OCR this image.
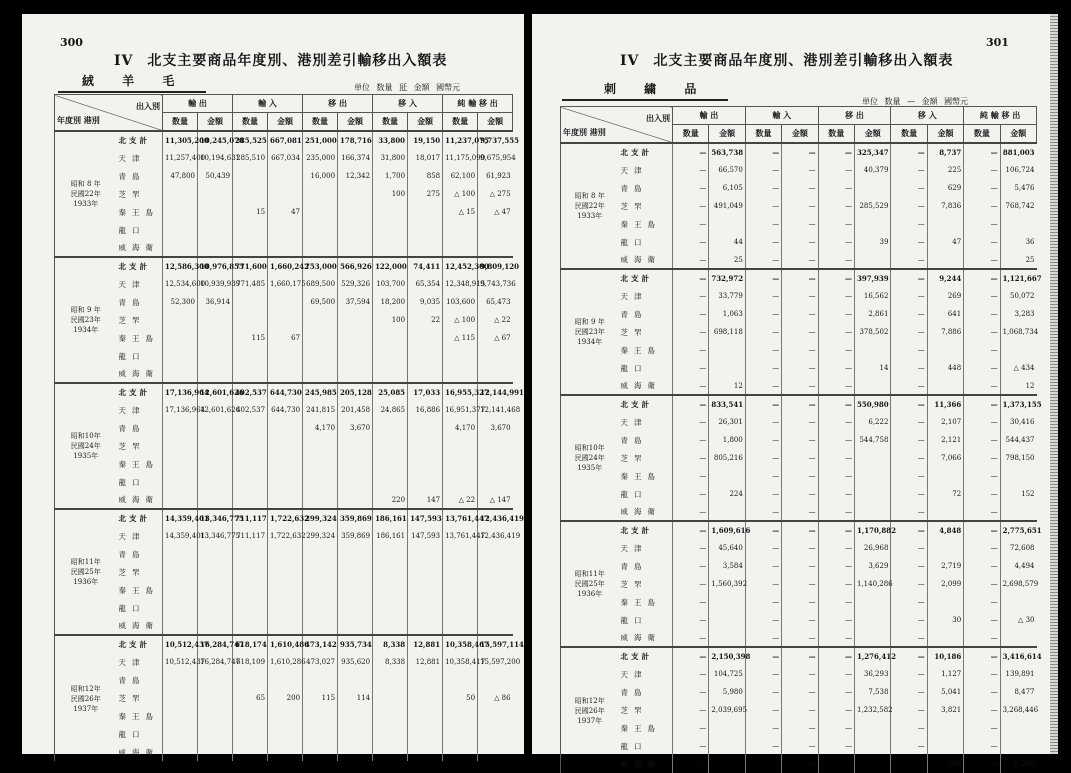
300
IV 北支主要商品年度別、港別差引輸移出入額表
絨 羊 毛	単位 数量 瓩 金額 國幣元
出入別
年度別 港別		輸 出		輸 入		移 出		移 入		純 輸 移 出	
		数量	金額	数量	金額	数量	金額	数量	金額	数量	金額
昭和 8 年
民國22年
1933年	北支計	11,305,200	10,245,070	285,525	667,081	251,000	178,716	33,800	19,150	11,237,075	9,737,555
	天津	11,257,400	10,194,631	285,510	667,034	235,000	166,374	31,800	18,017	11,175,090	9,675,954
	青島	47,800	50,439			16,000	12,342	1,700	858	62,100	61,923
	芝罘							100	275	△ 100	△ 275
	秦王島			15	47					△ 15	△ 47
	龍口										
	威海衛										
昭和 9 年
民國23年
1934年	北支計	12,586,300	10,976,853	771,600	1,660,242	753,000	566,926	122,000	74,411	12,452,300	9,809,120
	天津	12,534,600	10,939,939	771,485	1,660,175	689,500	529,326	103,700	65,354	12,348,915	9,743,736
	青島	52,300	36,914			69,500	37,594	18,200	9,035	103,600	65,473
	芝罘							100	22	△ 100	△ 22
	秦王島			115	67					△ 115	△ 67
	龍口										
	威海衛										
昭和10年
民國24年
1935年	北支計	17,136,964	12,601,626	402,537	644,730	245,985	205,128	25,085	17,033	16,955,327	12,144,991
	天津	17,136,964	12,601,626	402,537	644,730	241,815	201,458	24,865	16,886	16,951,377	12,141,468
	青島					4,170	3,670			4,170	3,670
	芝罘										
	秦王島										
	龍口										
	威海衛							220	147	△ 22	△ 147
昭和11年
民國25年
1936年	北支計	14,359,401	13,346,775	711,117	1,722,632	299,324	359,869	186,161	147,593	13,761,447	12,436,419
	天津	14,359,401	13,346,775	711,117	1,722,632	299,324	359,869	186,161	147,593	13,761,447	12,436,419
	青島										
	芝罘										
	秦王島										
	龍口										
	威海衛										
昭和12年
民國26年
1937年	北支計	10,512,437	16,284,747	618,174	1,610,486	473,142	935,734	8,338	12,881	10,358,467	15,597,114
	天津	10,512,437	16,284,747	618,109	1,610,286	473,027	935,620	8,338	12,881	10,358,417	15,597,200
	青島										
	芝罘			65	200	115	114			50	△ 86
	秦王島										
	龍口										
	威海衛										
301
IV 北支主要商品年度別、港別差引輸移出入額表
刺 繍 品
単位 数量 — 金額 國幣元
出入別
年度別 港別		輸 出		輸 入		移 出		移 入		純 輸 移 出	
		数量	金額	数量	金額	数量	金額	数量	金額	数量	金額
昭和 8 年
民國22年
1933年	北支計	—	563,738	—	—	—	325,347	—	8,737	—	881,003
	天津	—	66,570	—	—	—	40,379	—	225	—	106,724
	青島	—	6,105	—	—	—		—	629	—	5,476
	芝罘	—	491,049	—	—	—	285,529	—	7,836	—	768,742
	秦王島	—		—	—	—		—		—	
	龍口	—	44	—	—	—	39	—	47	—	36
	威海衛	—	25	—	—	—		—		—	25
昭和 9 年
民國23年
1934年	北支計	—	732,972	—	—	—	397,939	—	9,244	—	1,121,667
	天津	—	33,779	—	—	—	16,562	—	269	—	50,072
	青島	—	1,063	—	—	—	2,861	—	641	—	3,283
	芝罘	—	698,118	—	—	—	378,502	—	7,886	—	1,068,734
	秦王島	—		—	—	—		—		—	
	龍口	—		—	—	—	14	—	448	—	△ 434
	威海衛	—	12	—	—	—		—		—	12
昭和10年
民國24年
1935年	北支計	—	833,541	—	—	—	550,980	—	11,366	—	1,373,155
	天津	—	26,301	—	—	—	6,222	—	2,107	—	30,416
	青島	—	1,800	—	—	—	544,758	—	2,121	—	544,437
	芝罘	—	805,216	—	—	—		—	7,066	—	798,150
	秦王島	—		—	—	—		—		—	
	龍口	—	224	—	—	—		—	72	—	152
	威海衛	—		—	—	—		—		—	
昭和11年
民國25年
1936年	北支計	—	1,609,616	—	—	—	1,170,882	—	4,848	—	2,775,651
	天津	—	45,640	—	—	—	26,968	—		—	72,608
	青島	—	3,584	—	—	—	3,629	—	2,719	—	4,494
	芝罘	—	1,560,392	—	—	—	1,140,286	—	2,099	—	2,698,579
	秦王島	—		—	—	—		—		—	
	龍口	—		—	—	—		—	30	—	△ 30
	威海衛	—		—	—	—		—		—	
昭和12年
民國26年
1937年	北支計	—	2,150,398	—	—	—	1,276,412	—	10,186	—	3,416,614
	天津	—	104,725	—	—	—	36,293	—	1,127	—	139,891
	青島	—	5,980	—	—	—	7,538	—	5,041	—	8,477
	芝罘	—	2,039,695	—	—	—	1,232,582	—	3,821	—	3,268,446
	秦王島	—		—	—	—		—		—	
	龍口	—		—	—	—		—		—	
	威海衛	—		—	—	—		—	200	—	△ 200
